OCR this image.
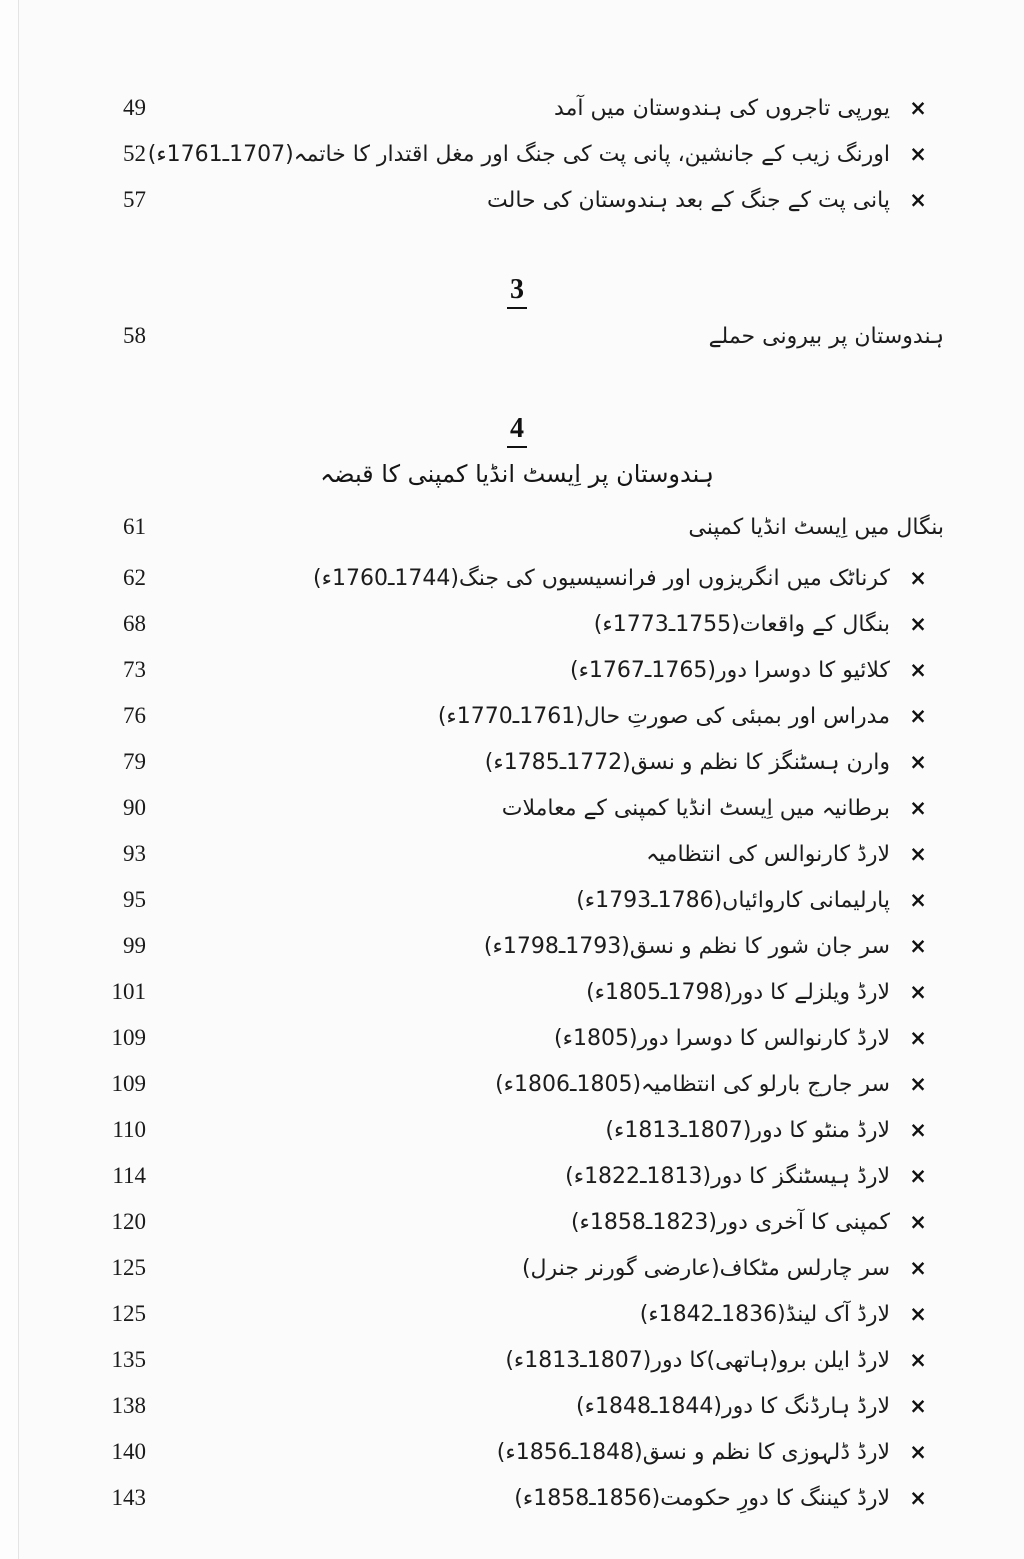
49	یورپی تاجروں کی ہندوستان میں آمد ×
52 اورنگ زیب کے جانشین، پانی پت کی جنگ اور مغل اقتدار کا خاتمہ(1707ـ1761ء) ×
57	پانی پت کے جنگ کے بعد ہندوستان کی حالت ×
3
58	ہندوستان پر بیرونی حملے
4
ہندوستان پر اِیسٹ انڈیا کمپنی کا قبضہ
61	بنگال میں اِیسٹ انڈیا کمپنی
62	کرناٹک میں انگریزوں اور فرانسیسیوں کی جنگ(1744ـ1760ء) ×
68	بنگال کے واقعات(1755ـ1773ء) ×
73	کلائیو کا دوسرا دور(1765ـ1767ء) ×
76	مدراس اور بمبئی کی صورتِ حال(1761ـ1770ء) ×
79	وارن ہسٹنگز کا نظم و نسق(1772ـ1785ء) ×
90	برطانیہ میں اِیسٹ انڈیا کمپنی کے معاملات ×
93	لارڈ کارنوالس کی انتظامیہ ×
95	پارلیمانی کاروائیاں(1786ـ1793ء) ×
99	سر جان شور کا نظم و نسق(1793ـ1798ء) ×
101	لارڈ ویلزلے کا دور(1798ـ1805ء) ×
109	لارڈ کارنوالس کا دوسرا دور(1805ء) ×
109	سر جارج بارلو کی انتظامیہ(1805ـ1806ء) ×
110	لارڈ منٹو کا دور(1807ـ1813ء) ×
114	لارڈ ہیسٹنگز کا دور(1813ـ1822ء) ×
120	کمپنی کا آخری دور(1823ـ1858ء) ×
125	سر چارلس مٹکاف(عارضی گورنر جنرل) ×
125	لارڈ آک لینڈ(1836ـ1842ء) ×
135	لارڈ ایلن برو(ہاتھی)کا دور(1807ـ1813ء) ×
138	لارڈ ہارڈنگ کا دور(1844ـ1848ء) ×
140	لارڈ ڈلہوزی کا نظم و نسق(1848ـ1856ء) ×
143	لارڈ کیننگ کا دورِ حکومت(1856ـ1858ء) ×
